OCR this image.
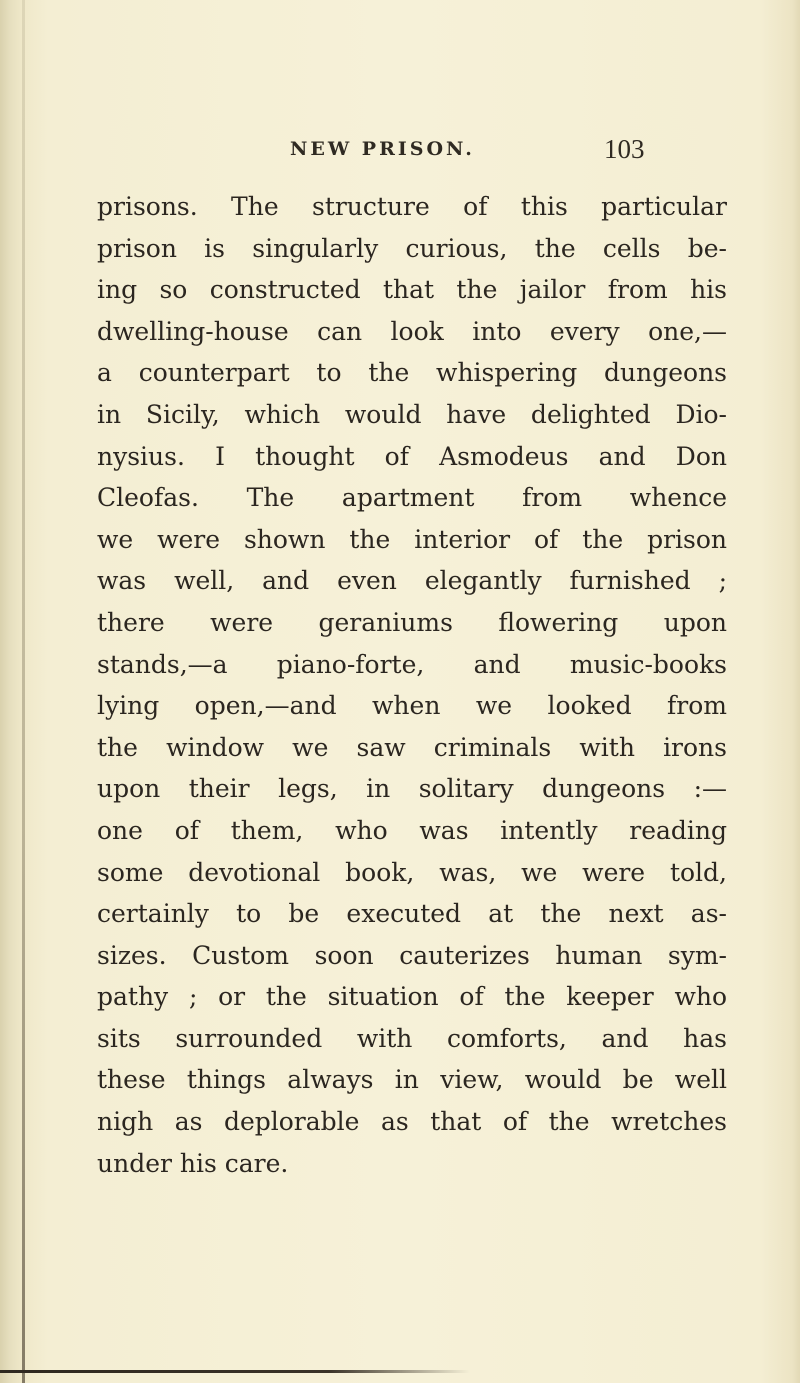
NEW PRISON.	103
prisons. The structure of this particular
prison is singularly curious, the cells be-
ing so constructed that the jailor from his
dwelling-house can look into every one,—
a counterpart to the whispering dungeons
in Sicily, which would have delighted Dio-
nysius. I thought of Asmodeus and Don
Cleofas. The apartment from whence
we were shown the interior of the prison
was well, and even elegantly furnished ;
there were geraniums flowering upon
stands,—a piano-forte, and music-books
lying open,—and when we looked from
the window we saw criminals with irons
upon their legs, in solitary dungeons :—
one of them, who was intently reading
some devotional book, was, we were told,
certainly to be executed at the next as-
sizes. Custom soon cauterizes human sym-
pathy ; or the situation of the keeper who
sits surrounded with comforts, and has
these things always in view, would be well
nigh as deplorable as that of the wretches
under his care.
